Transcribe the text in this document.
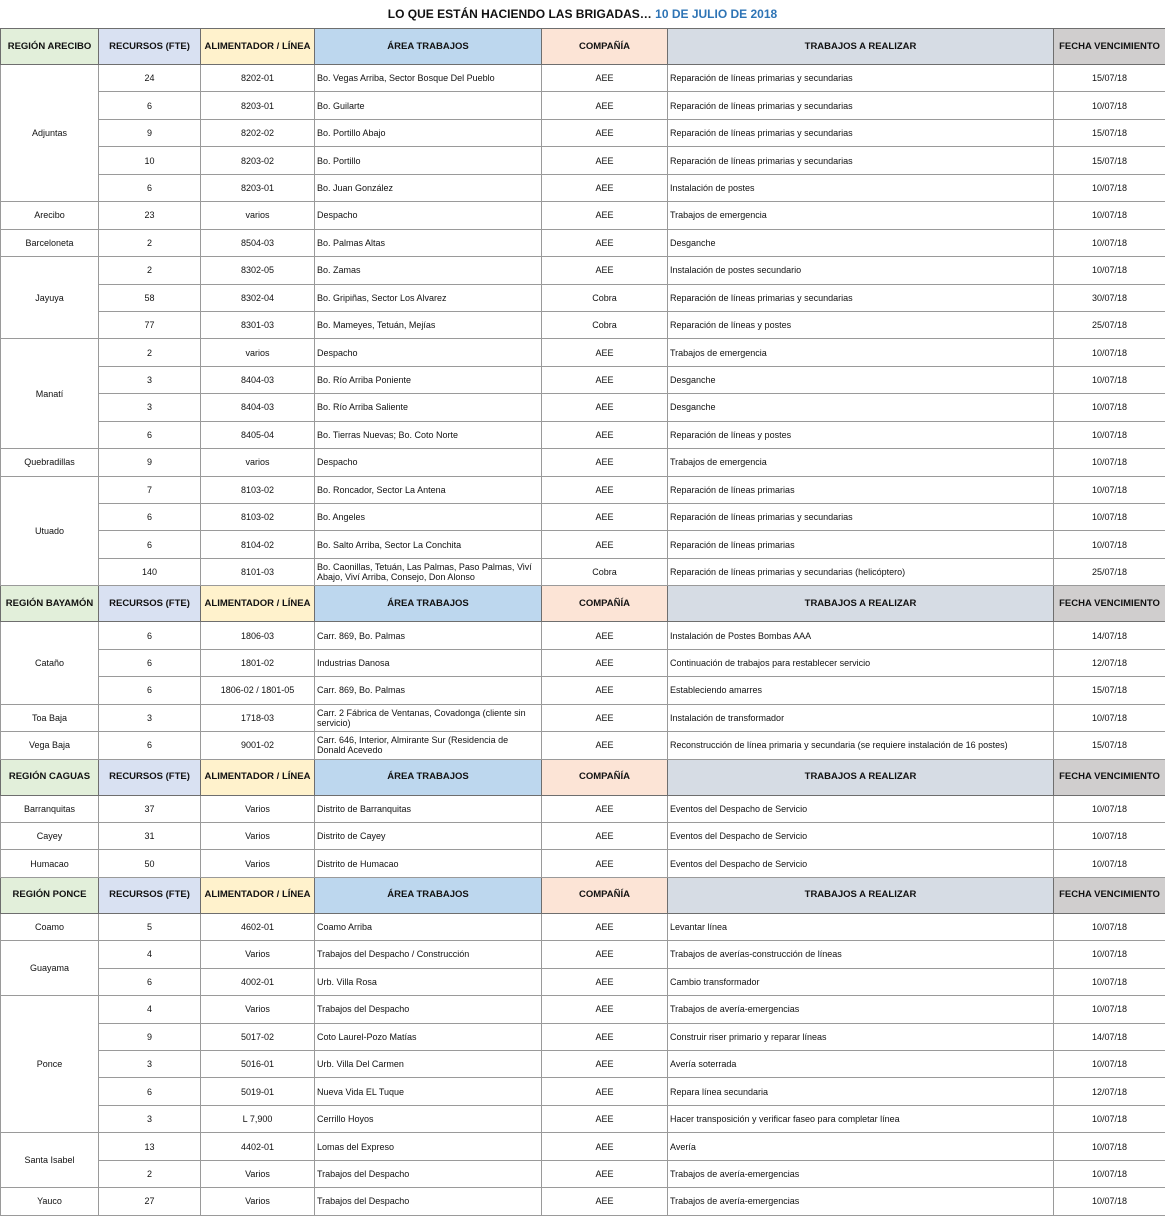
LO QUE ESTÁN HACIENDO LAS BRIGADAS… 10 DE JULIO DE 2018
REGIÓN ARECIBO	RECURSOS (FTE)	ALIMENTADOR / LÍNEA	ÁREA TRABAJOS	COMPAÑÍA	TRABAJOS A REALIZAR	FECHA VENCIMIENTO
Adjuntas	24	8202-01	Bo. Vegas Arriba, Sector Bosque Del Pueblo	AEE	Reparación de líneas primarias y secundarias	15/07/18
	6	8203-01	Bo. Guilarte	AEE	Reparación de líneas primarias y secundarias	10/07/18
	9	8202-02	Bo. Portillo Abajo	AEE	Reparación de líneas primarias y secundarias	15/07/18
	10	8203-02	Bo. Portillo	AEE	Reparación de líneas primarias y secundarias	15/07/18
	6	8203-01	Bo. Juan González	AEE	Instalación de postes	10/07/18
Arecibo	23	varios	Despacho	AEE	Trabajos de emergencia	10/07/18
Barceloneta	2	8504-03	Bo. Palmas Altas	AEE	Desganche	10/07/18
Jayuya	2	8302-05	Bo. Zamas	AEE	Instalación de postes secundario	10/07/18
	58	8302-04	Bo. Gripiñas, Sector Los Alvarez	Cobra	Reparación de líneas primarias y secundarias	30/07/18
	77	8301-03	Bo. Mameyes, Tetuán, Mejías	Cobra	Reparación de líneas y postes	25/07/18
Manatí	2	varios	Despacho	AEE	Trabajos de emergencia	10/07/18
	3	8404-03	Bo. Río Arriba Poniente	AEE	Desganche	10/07/18
	3	8404-03	Bo. Río Arriba Saliente	AEE	Desganche	10/07/18
	6	8405-04	Bo. Tierras Nuevas; Bo. Coto Norte	AEE	Reparación de líneas y postes	10/07/18
Quebradillas	9	varios	Despacho	AEE	Trabajos de emergencia	10/07/18
Utuado	7	8103-02	Bo. Roncador, Sector La Antena	AEE	Reparación de líneas primarias	10/07/18
	6	8103-02	Bo. Angeles	AEE	Reparación de líneas primarias y secundarias	10/07/18
	6	8104-02	Bo. Salto Arriba, Sector La Conchita	AEE	Reparación de líneas primarias	10/07/18
	140	8101-03	Bo. Caonillas, Tetuán, Las Palmas, Paso Palmas, Viví Abajo, Viví Arriba, Consejo, Don Alonso	Cobra	Reparación de líneas primarias y secundarias (helicóptero)	25/07/18
REGIÓN BAYAMÓN	RECURSOS (FTE)	ALIMENTADOR / LÍNEA	ÁREA TRABAJOS	COMPAÑÍA	TRABAJOS A REALIZAR	FECHA VENCIMIENTO
Cataño	6	1806-03	Carr. 869, Bo. Palmas	AEE	Instalación de Postes Bombas AAA	14/07/18
	6	1801-02	Industrias Danosa	AEE	Continuación de trabajos para restablecer servicio	12/07/18
	6	1806-02 / 1801-05	Carr. 869, Bo. Palmas	AEE	Estableciendo amarres	15/07/18
Toa Baja	3	1718-03	Carr. 2 Fábrica de Ventanas, Covadonga (cliente sin servicio)	AEE	Instalación de transformador	10/07/18
Vega Baja	6	9001-02	Carr. 646, Interior, Almirante Sur (Residencia de Donald Acevedo	AEE	Reconstrucción de línea primaria y secundaria (se requiere instalación de 16 postes)	15/07/18
REGIÓN CAGUAS	RECURSOS (FTE)	ALIMENTADOR / LÍNEA	ÁREA TRABAJOS	COMPAÑÍA	TRABAJOS A REALIZAR	FECHA VENCIMIENTO
Barranquitas	37	Varios	Distrito de Barranquitas	AEE	Eventos del Despacho de Servicio	10/07/18
Cayey	31	Varios	Distrito de Cayey	AEE	Eventos del Despacho de Servicio	10/07/18
Humacao	50	Varios	Distrito de Humacao	AEE	Eventos del Despacho de Servicio	10/07/18
REGIÓN PONCE	RECURSOS (FTE)	ALIMENTADOR / LÍNEA	ÁREA TRABAJOS	COMPAÑÍA	TRABAJOS A REALIZAR	FECHA VENCIMIENTO
Coamo	5	4602-01	Coamo Arriba	AEE	Levantar línea	10/07/18
Guayama	4	Varios	Trabajos del Despacho / Construcción	AEE	Trabajos de averías-construcción de líneas	10/07/18
	6	4002-01	Urb. Villa Rosa	AEE	Cambio transformador	10/07/18
Ponce	4	Varios	Trabajos del Despacho	AEE	Trabajos de avería-emergencias	10/07/18
	9	5017-02	Coto Laurel-Pozo Matías	AEE	Construir riser primario y reparar líneas	14/07/18
	3	5016-01	Urb. Villa Del Carmen	AEE	Avería soterrada	10/07/18
	6	5019-01	Nueva Vida EL Tuque	AEE	Repara línea secundaria	12/07/18
	3	L 7,900	Cerrillo Hoyos	AEE	Hacer transposición y verificar faseo para completar línea	10/07/18
Santa Isabel	13	4402-01	Lomas del Expreso	AEE	Avería	10/07/18
	2	Varios	Trabajos del Despacho	AEE	Trabajos de avería-emergencias	10/07/18
Yauco	27	Varios	Trabajos del Despacho	AEE	Trabajos de avería-emergencias	10/07/18
